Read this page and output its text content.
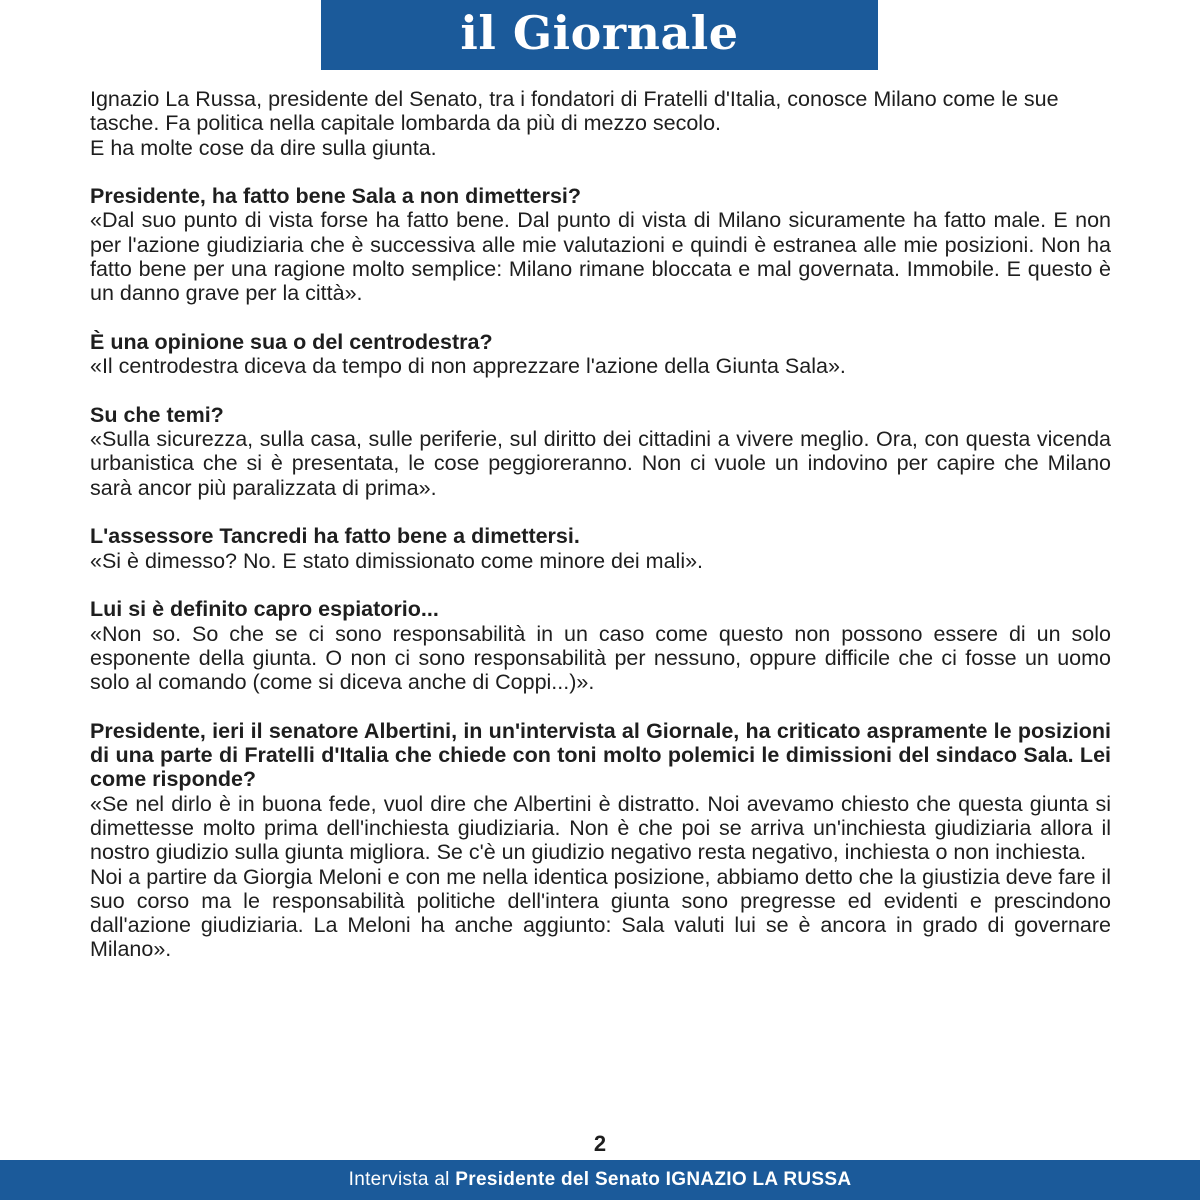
il Giornale

Ignazio La Russa, presidente del Senato, tra i fondatori di Fratelli d'Italia, conosce Milano come le sue tasche. Fa politica nella capitale lombarda da più di mezzo secolo.

E ha molte cose da dire sulla giunta.

Presidente, ha fatto bene Sala a non dimettersi?

«Dal suo punto di vista forse ha fatto bene. Dal punto di vista di Milano sicuramente ha fatto male. E non per l'azione giudiziaria che è successiva alle mie valutazioni e quindi è estranea alle mie posizioni. Non ha fatto bene per una ragione molto semplice: Milano rimane bloccata e mal governata. Immobile. E questo è un danno grave per la città».

È una opinione sua o del centrodestra?

«Il centrodestra diceva da tempo di non apprezzare l'azione della Giunta Sala».

Su che temi?

«Sulla sicurezza, sulla casa, sulle periferie, sul diritto dei cittadini a vivere meglio. Ora, con questa vicenda urbanistica che si è presentata, le cose peggioreranno. Non ci vuole un indovino per capire che Milano sarà ancor più paralizzata di prima».

L'assessore Tancredi ha fatto bene a dimettersi.

«Si è dimesso? No. E stato dimissionato come minore dei mali».

Lui si è definito capro espiatorio...

«Non so. So che se ci sono responsabilità in un caso come questo non possono essere di un solo esponente della giunta. O non ci sono responsabilità per nessuno, oppure difficile che ci fosse un uomo solo al comando (come si diceva anche di Coppi...)».

Presidente, ieri il senatore Albertini, in un'intervista al Giornale, ha criticato aspramente le posizioni di una parte di Fratelli d'Italia che chiede con toni molto polemici le dimissioni del sindaco Sala. Lei come risponde?

«Se nel dirlo è in buona fede, vuol dire che Albertini è distratto. Noi avevamo chiesto che questa giunta si dimettesse molto prima dell'inchiesta giudiziaria. Non è che poi se arriva un'inchiesta giudiziaria allora il nostro giudizio sulla giunta migliora. Se c'è un giudizio negativo resta negativo, inchiesta o non inchiesta.

Noi a partire da Giorgia Meloni e con me nella identica posizione, abbiamo detto che la giustizia deve fare il suo corso ma le responsabilità politiche dell'intera giunta sono pregresse ed evidenti e prescindono dall'azione giudiziaria. La Meloni ha anche aggiunto: Sala valuti lui se è ancora in grado di governare Milano».

2
Intervista al Presidente del Senato IGNAZIO LA RUSSA
